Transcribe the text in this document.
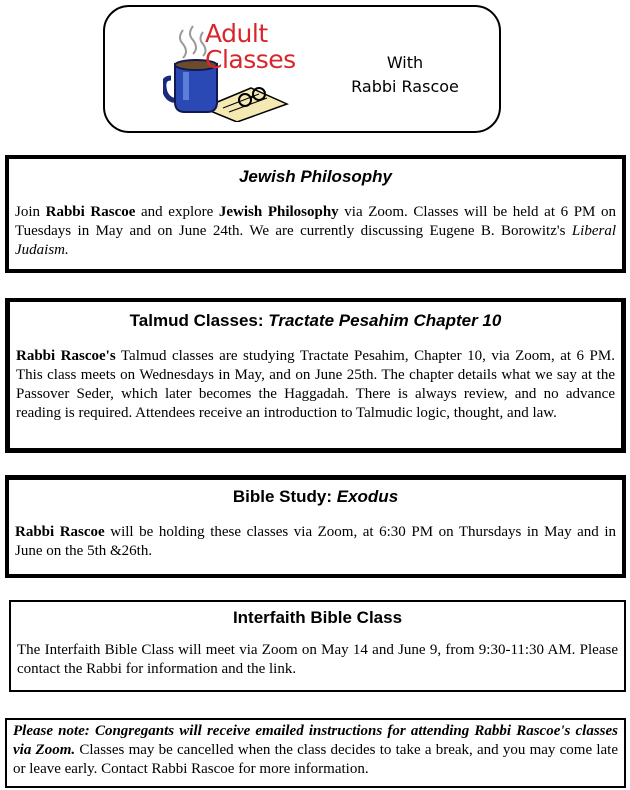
Adult
Classes	With
Rabbi Rascoe
Jewish Philosophy

Join Rabbi Rascoe and explore Jewish Philosophy via Zoom. Classes will be held at 6 PM on Tuesdays in May and on June 24th. We are currently discussing Eugene B. Borowitz's Liberal Judaism.

Talmud Classes: Tractate Pesahim Chapter 10

Rabbi Rascoe's Talmud classes are studying Tractate Pesahim, Chapter 10, via Zoom, at 6 PM. This class meets on Wednesdays in May, and on June 25th. The chapter details what we say at the Passover Seder, which later becomes the Haggadah. There is always review, and no advance reading is required. Attendees receive an introduction to Talmudic logic, thought, and law.

Bible Study: Exodus

Rabbi Rascoe will be holding these classes via Zoom, at 6:30 PM on Thursdays in May and in June on the 5th &26th.

Interfaith Bible Class

The Interfaith Bible Class will meet via Zoom on May 14 and June 9, from 9:30-11:30 AM. Please contact the Rabbi for information and the link.

Please note: Congregants will receive emailed instructions for attending Rabbi Rascoe's classes via Zoom. Classes may be cancelled when the class decides to take a break, and you may come late or leave early. Contact Rabbi Rascoe for more information.
